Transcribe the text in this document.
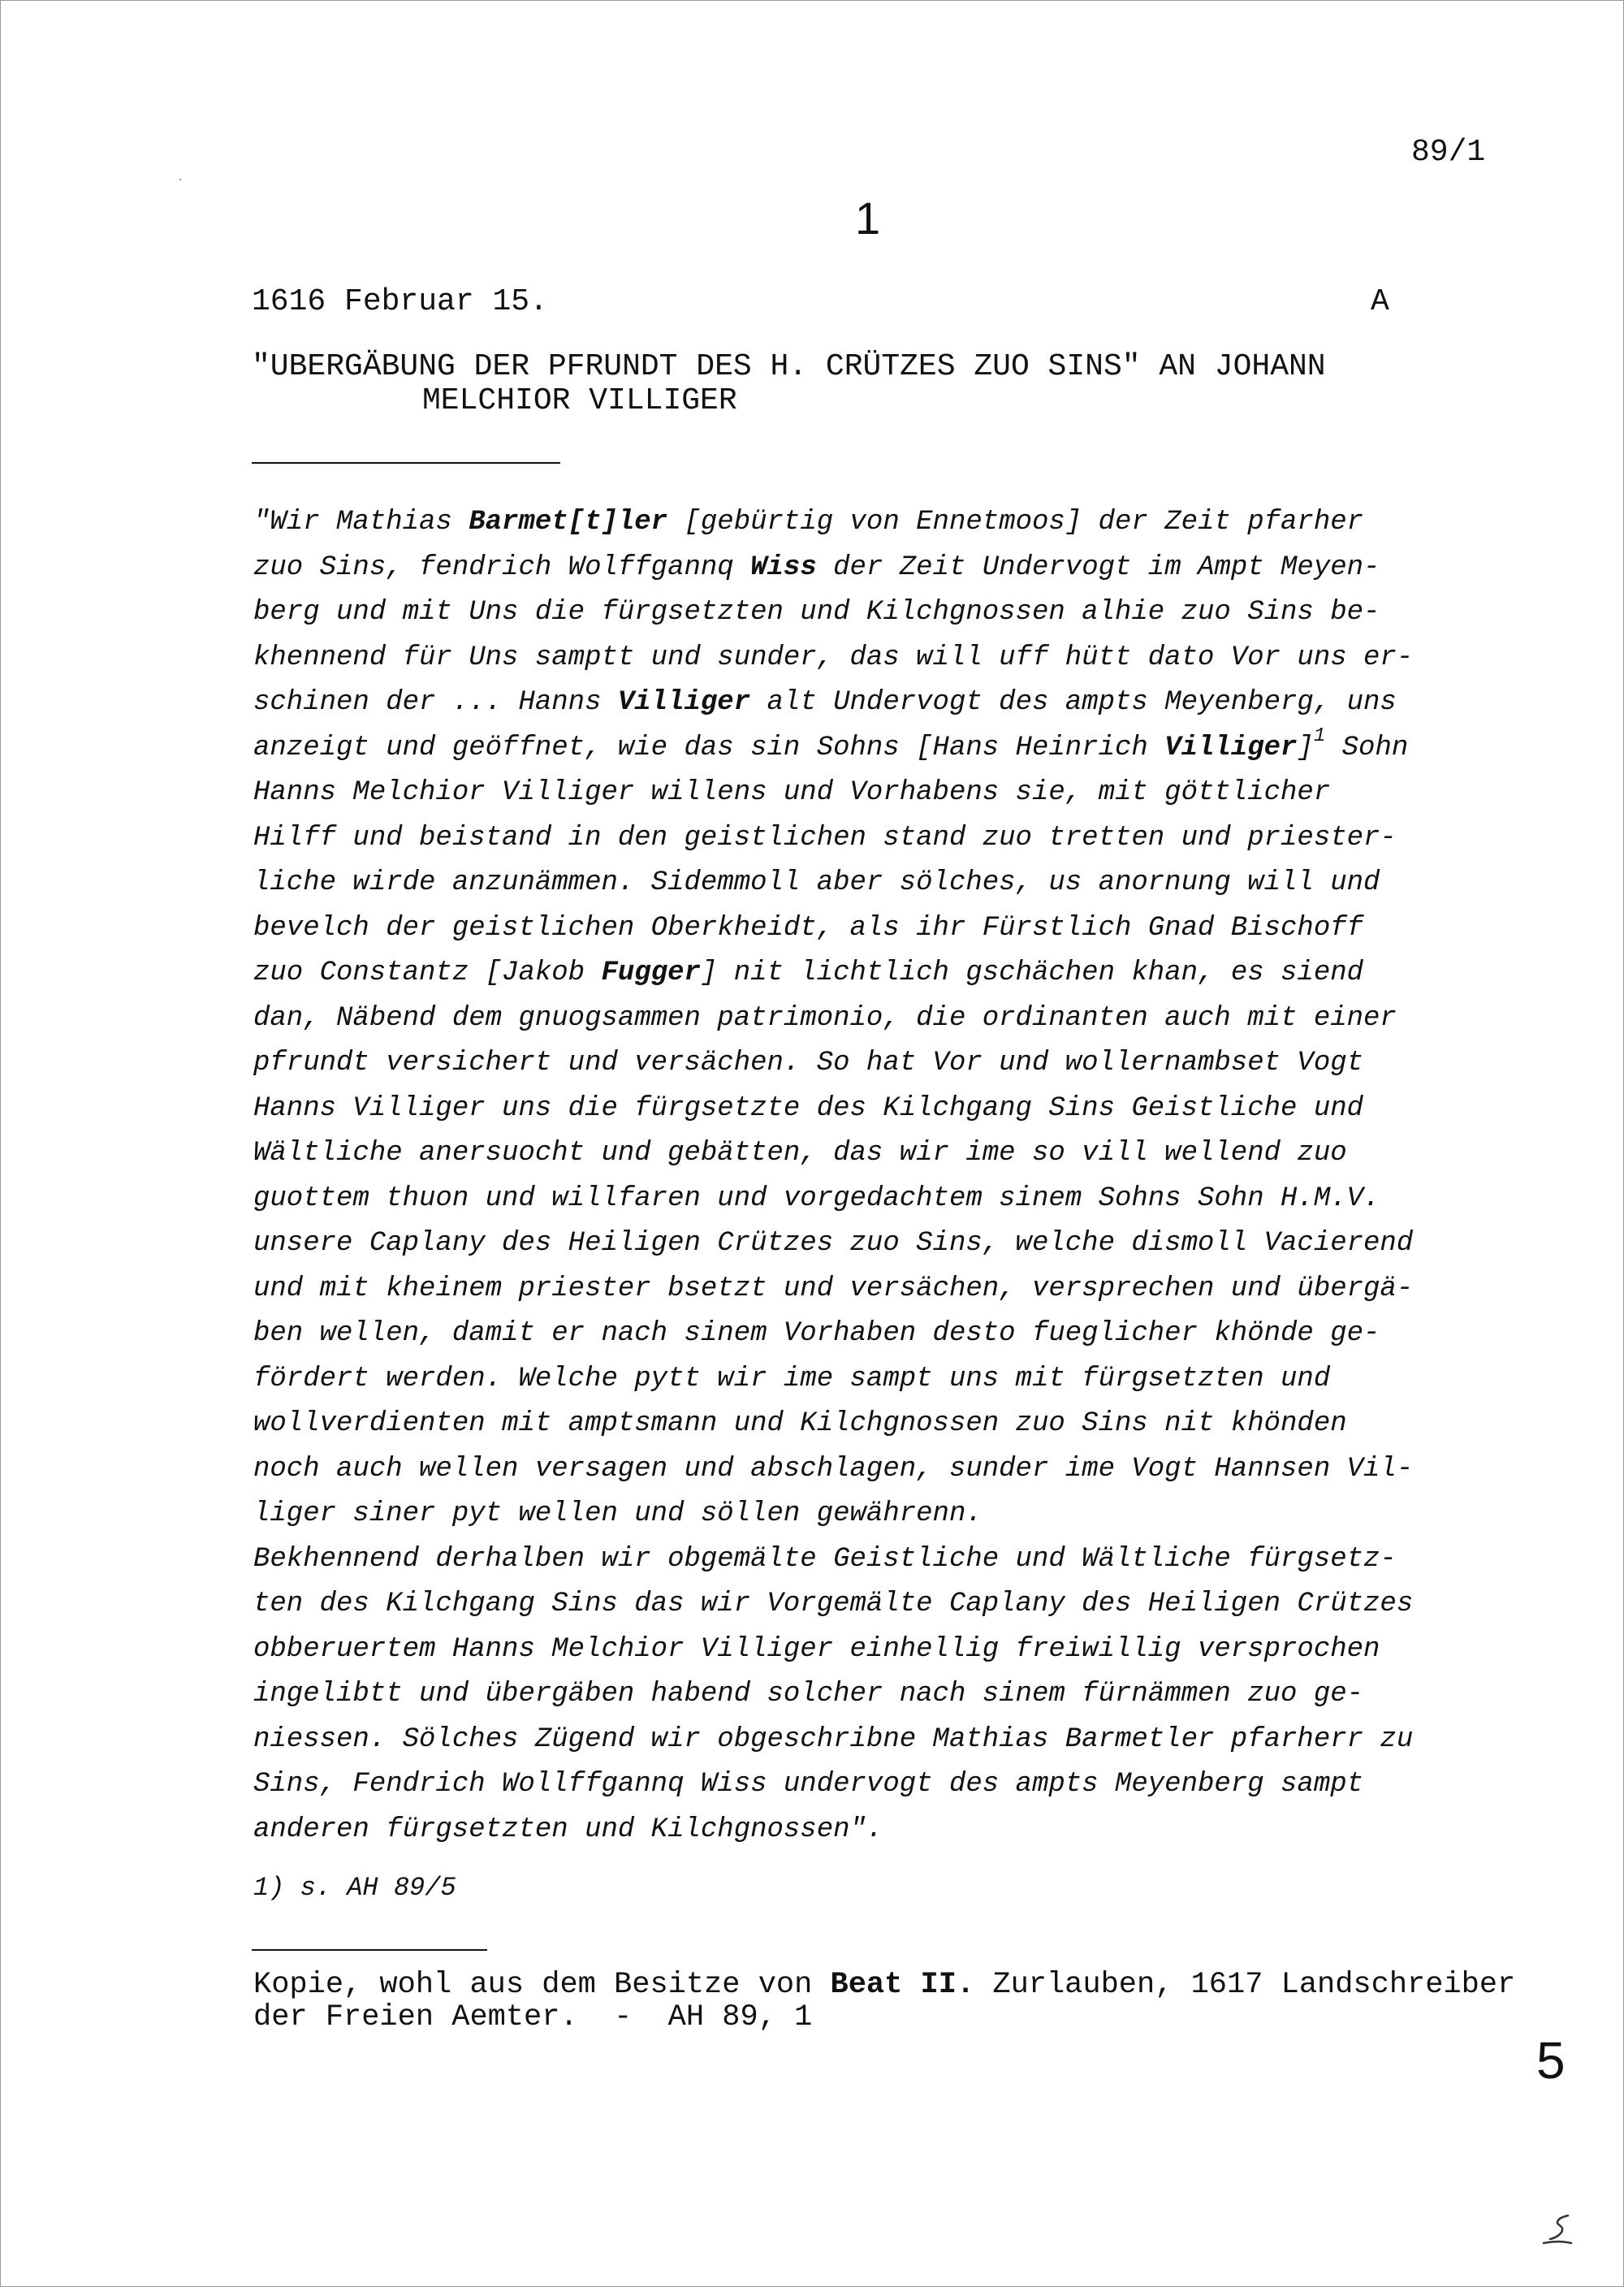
89/1
1
1616 Februar 15.	A
"UBERGÄBUNG DER PFRUNDT DES H. CRÜTZES ZUO SINS" AN JOHANN
MELCHIOR VILLIGER
"Wir Mathias Barmet[t]ler [gebürtig von Ennetmoos] der Zeit pfarher
zuo Sins, fendrich Wolffgannq Wiss der Zeit Undervogt im Ampt Meyen-
berg und mit Uns die fürgsetzten und Kilchgnossen alhie zuo Sins be-
khennend für Uns samptt und sunder, das will uff hütt dato Vor uns er-
schinen der ... Hanns Villiger alt Undervogt des ampts Meyenberg, uns
anzeigt und geöffnet, wie das sin Sohns [Hans Heinrich Villiger]$^1$ Sohn
Hanns Melchior Villiger willens und Vorhabens sie, mit göttlicher
Hilff und beistand in den geistlichen stand zuo tretten und priester-
liche wirde anzunämmen. Sidemmoll aber sölches, us anornung will und
bevelch der geistlichen Oberkheidt, als ihr Fürstlich Gnad Bischoff
zuo Constantz [Jakob Fugger] nit lichtlich gschächen khan, es siend
dan, Näbend dem gnuogsammen patrimonio, die ordinanten auch mit einer
pfrundt versichert und versächen. So hat Vor und wollernambset Vogt
Hanns Villiger uns die fürgsetzte des Kilchgang Sins Geistliche und
Wältliche anersuocht und gebätten, das wir ime so vill wellend zuo
guottem thuon und willfaren und vorgedachtem sinem Sohns Sohn H.M.V.
unsere Caplany des Heiligen Crützes zuo Sins, welche dismoll Vacierend
und mit kheinem priester bsetzt und versächen, versprechen und übergä-
ben wellen, damit er nach sinem Vorhaben desto fueglicher khönde ge-
fördert werden. Welche pytt wir ime sampt uns mit fürgsetzten und
wollverdienten mit amptsmann und Kilchgnossen zuo Sins nit khönden
noch auch wellen versagen und abschlagen, sunder ime Vogt Hannsen Vil-
liger siner pyt wellen und söllen gewährenn.
Bekhennend derhalben wir obgemälte Geistliche und Wältliche fürgsetz-
ten des Kilchgang Sins das wir Vorgemälte Caplany des Heiligen Crützes
obberuertem Hanns Melchior Villiger einhellig freiwillig versprochen
ingelibtt und übergäben habend solcher nach sinem fürnämmen zuo ge-
niessen. Sölches Zügend wir obgeschribne Mathias Barmetler pfarherr zu
Sins, Fendrich Wollffgannq Wiss undervogt des ampts Meyenberg sampt
anderen fürgsetzten und Kilchgnossen".
1) s. AH 89/5
Kopie, wohl aus dem Besitze von Beat II. Zurlauben, 1617 Landschreiber
der Freien Aemter.  -  AH 89, 1
5
